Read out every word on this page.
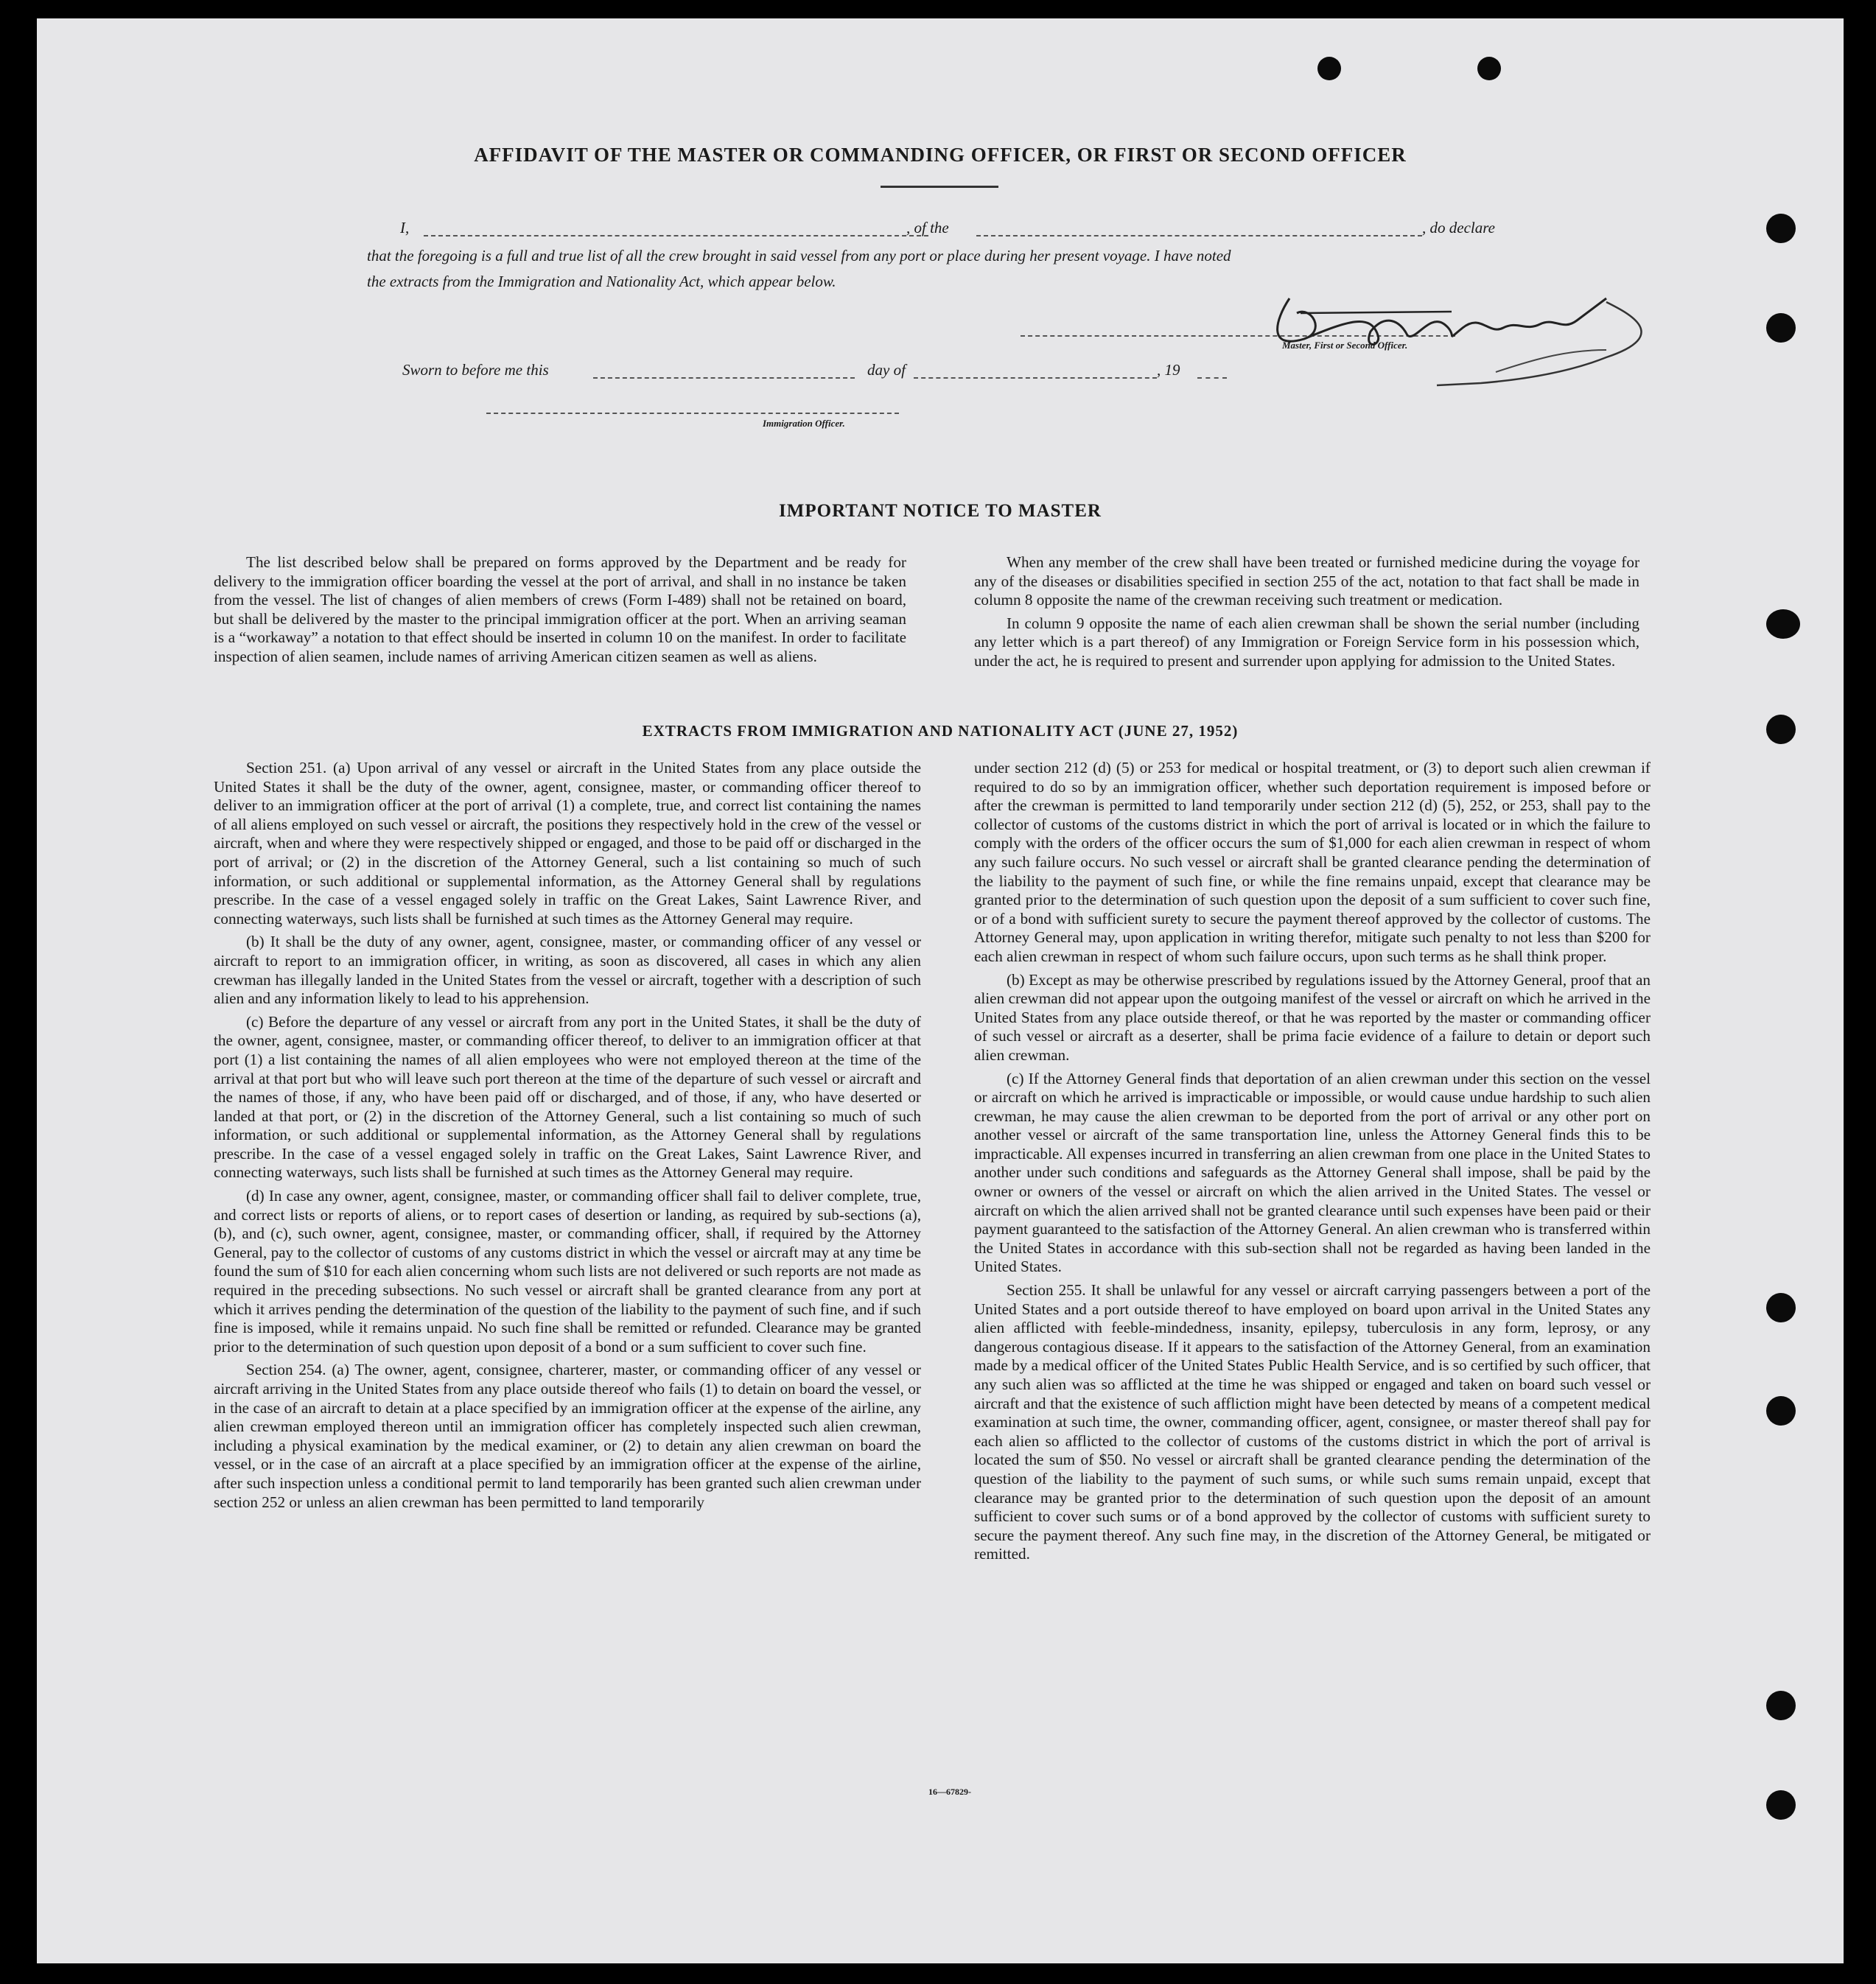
AFFIDAVIT OF THE MASTER OR COMMANDING OFFICER, OR FIRST OR SECOND OFFICER
I,	, of the	, do declare
that the foregoing is a full and true list of all the crew brought in said vessel from any port or place during her present voyage. I have noted
the extracts from the Immigration and Nationality Act, which appear below.
Master, First or Second Officer.
Sworn to before me this	day of	, 19
Immigration Officer.
IMPORTANT NOTICE TO MASTER

The list described below shall be prepared on forms approved by the Department and be ready for delivery to the immigration officer boarding the vessel at the port of arrival, and shall in no instance be taken from the vessel. The list of changes of alien members of crews (Form I-489) shall not be retained on board, but shall be delivered by the master to the principal immigration officer at the port. When an arriving seaman is a “workaway” a notation to that effect should be inserted in column 10 on the manifest. In order to facilitate inspection of alien seamen, include names of arriving American citizen seamen as well as aliens.

When any member of the crew shall have been treated or furnished medicine during the voyage for any of the diseases or disabilities specified in section 255 of the act, notation to that fact shall be made in column 8 opposite the name of the crewman receiving such treatment or medication.

In column 9 opposite the name of each alien crewman shall be shown the serial number (including any letter which is a part thereof) of any Immigration or Foreign Service form in his possession which, under the act, he is required to present and surrender upon applying for admission to the United States.

EXTRACTS FROM IMMIGRATION AND NATIONALITY ACT (JUNE 27, 1952)

Section 251. (a) Upon arrival of any vessel or aircraft in the United States from any place outside the United States it shall be the duty of the owner, agent, consignee, master, or commanding officer thereof to deliver to an immigration officer at the port of arrival (1) a complete, true, and correct list containing the names of all aliens employed on such vessel or aircraft, the positions they respectively hold in the crew of the vessel or aircraft, when and where they were respectively shipped or engaged, and those to be paid off or discharged in the port of arrival; or (2) in the discretion of the Attorney General, such a list containing so much of such information, or such additional or supplemental information, as the Attorney General shall by regulations prescribe. In the case of a vessel engaged solely in traffic on the Great Lakes, Saint Lawrence River, and connecting waterways, such lists shall be furnished at such times as the Attorney General may require.

(b) It shall be the duty of any owner, agent, consignee, master, or commanding officer of any vessel or aircraft to report to an immigration officer, in writing, as soon as discovered, all cases in which any alien crewman has illegally landed in the United States from the vessel or aircraft, together with a description of such alien and any information likely to lead to his apprehension.

(c) Before the departure of any vessel or aircraft from any port in the United States, it shall be the duty of the owner, agent, consignee, master, or commanding officer thereof, to deliver to an immigration officer at that port (1) a list containing the names of all alien employees who were not employed thereon at the time of the arrival at that port but who will leave such port thereon at the time of the departure of such vessel or aircraft and the names of those, if any, who have been paid off or discharged, and of those, if any, who have deserted or landed at that port, or (2) in the discretion of the Attorney General, such a list containing so much of such information, or such additional or supplemental information, as the Attorney General shall by regulations prescribe. In the case of a vessel engaged solely in traffic on the Great Lakes, Saint Lawrence River, and connecting waterways, such lists shall be furnished at such times as the Attorney General may require.

(d) In case any owner, agent, consignee, master, or commanding officer shall fail to deliver complete, true, and correct lists or reports of aliens, or to report cases of desertion or landing, as required by sub-sections (a), (b), and (c), such owner, agent, consignee, master, or commanding officer, shall, if required by the Attorney General, pay to the collector of customs of any customs district in which the vessel or aircraft may at any time be found the sum of $10 for each alien concerning whom such lists are not delivered or such reports are not made as required in the preceding subsections. No such vessel or aircraft shall be granted clearance from any port at which it arrives pending the determination of the question of the liability to the payment of such fine, and if such fine is imposed, while it remains unpaid. No such fine shall be remitted or refunded. Clearance may be granted prior to the determination of such question upon deposit of a bond or a sum sufficient to cover such fine.

Section 254. (a) The owner, agent, consignee, charterer, master, or commanding officer of any vessel or aircraft arriving in the United States from any place outside thereof who fails (1) to detain on board the vessel, or in the case of an aircraft to detain at a place specified by an immigration officer at the expense of the airline, any alien crewman employed thereon until an immigration officer has completely inspected such alien crewman, including a physical examination by the medical examiner, or (2) to detain any alien crewman on board the vessel, or in the case of an aircraft at a place specified by an immigration officer at the expense of the airline, after such inspection unless a conditional permit to land temporarily has been granted such alien crewman under section 252 or unless an alien crewman has been permitted to land temporarily

under section 212 (d) (5) or 253 for medical or hospital treatment, or (3) to deport such alien crewman if required to do so by an immigration officer, whether such deportation requirement is imposed before or after the crewman is permitted to land temporarily under section 212 (d) (5), 252, or 253, shall pay to the collector of customs of the customs district in which the port of arrival is located or in which the failure to comply with the orders of the officer occurs the sum of $1,000 for each alien crewman in respect of whom any such failure occurs. No such vessel or aircraft shall be granted clearance pending the determination of the liability to the payment of such fine, or while the fine remains unpaid, except that clearance may be granted prior to the determination of such question upon the deposit of a sum sufficient to cover such fine, or of a bond with sufficient surety to secure the payment thereof approved by the collector of customs. The Attorney General may, upon application in writing therefor, mitigate such penalty to not less than $200 for each alien crewman in respect of whom such failure occurs, upon such terms as he shall think proper.

(b) Except as may be otherwise prescribed by regulations issued by the Attorney General, proof that an alien crewman did not appear upon the outgoing manifest of the vessel or aircraft on which he arrived in the United States from any place outside thereof, or that he was reported by the master or commanding officer of such vessel or aircraft as a deserter, shall be prima facie evidence of a failure to detain or deport such alien crewman.

(c) If the Attorney General finds that deportation of an alien crewman under this section on the vessel or aircraft on which he arrived is impracticable or impossible, or would cause undue hardship to such alien crewman, he may cause the alien crewman to be deported from the port of arrival or any other port on another vessel or aircraft of the same transportation line, unless the Attorney General finds this to be impracticable. All expenses incurred in transferring an alien crewman from one place in the United States to another under such conditions and safeguards as the Attorney General shall impose, shall be paid by the owner or owners of the vessel or aircraft on which the alien arrived in the United States. The vessel or aircraft on which the alien arrived shall not be granted clearance until such expenses have been paid or their payment guaranteed to the satisfaction of the Attorney General. An alien crewman who is transferred within the United States in accordance with this sub-section shall not be regarded as having been landed in the United States.

Section 255. It shall be unlawful for any vessel or aircraft carrying passengers between a port of the United States and a port outside thereof to have employed on board upon arrival in the United States any alien afflicted with feeble-mindedness, insanity, epilepsy, tuberculosis in any form, leprosy, or any dangerous contagious disease. If it appears to the satisfaction of the Attorney General, from an examination made by a medical officer of the United States Public Health Service, and is so certified by such officer, that any such alien was so afflicted at the time he was shipped or engaged and taken on board such vessel or aircraft and that the existence of such affliction might have been detected by means of a competent medical examination at such time, the owner, commanding officer, agent, consignee, or master thereof shall pay for each alien so afflicted to the collector of customs of the customs district in which the port of arrival is located the sum of $50. No vessel or aircraft shall be granted clearance pending the determination of the question of the liability to the payment of such sums, or while such sums remain unpaid, except that clearance may be granted prior to the determination of such question upon the deposit of an amount sufficient to cover such sums or of a bond approved by the collector of customs with sufficient surety to secure the payment thereof. Any such fine may, in the discretion of the Attorney General, be mitigated or remitted.

16—67829-
